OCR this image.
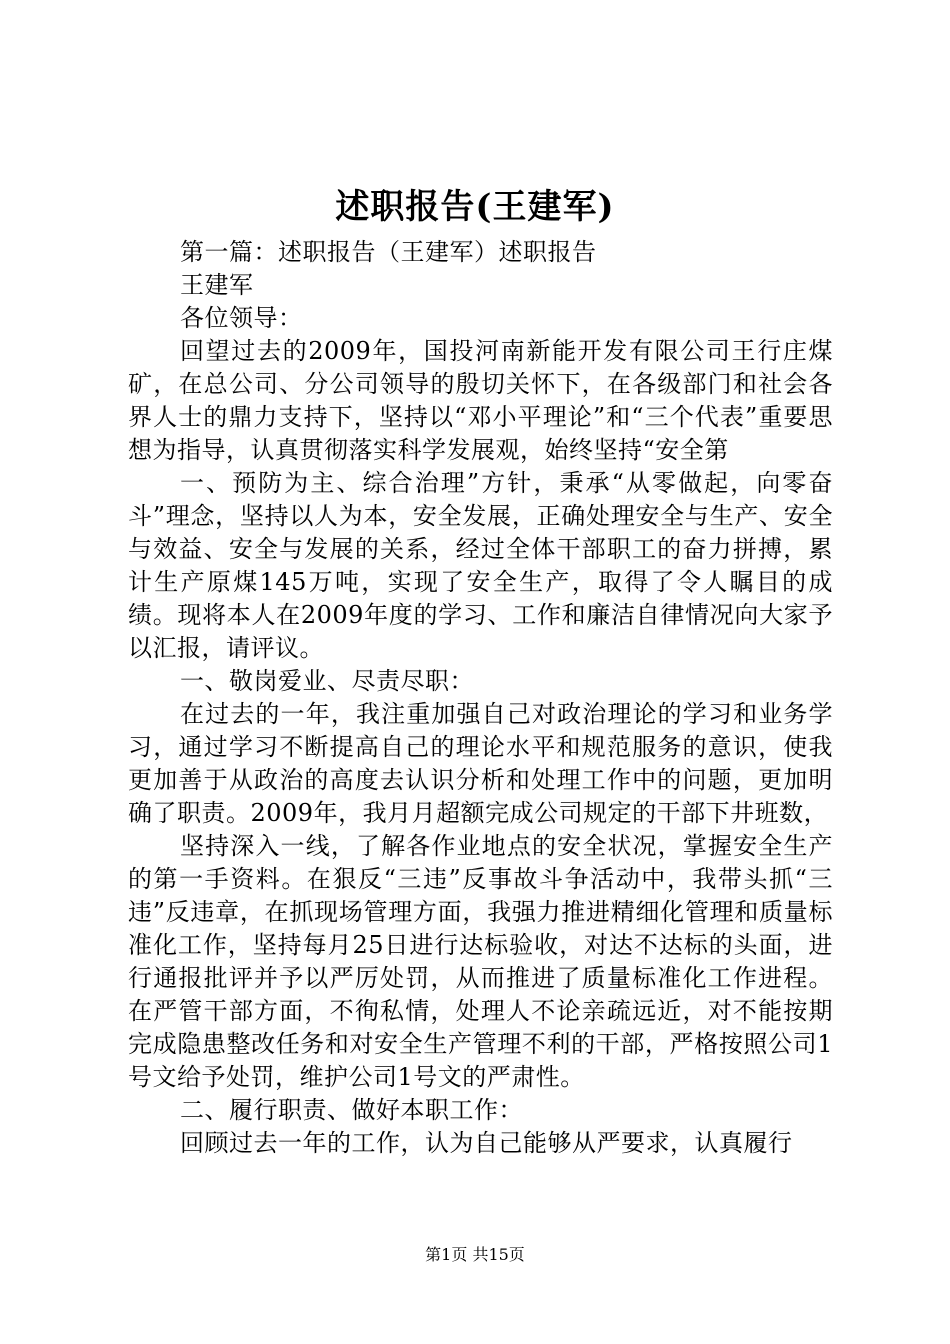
述职报告(王建军)

第一篇：述职报告（王建军）述职报告

王建军

各位领导：

回望过去的2009年，国投河南新能开发有限公司王行庄煤矿，在总公司、分公司领导的殷切关怀下，在各级部门和社会各界人士的鼎力支持下，坚持以“邓小平理论”和“三个代表”重要思想为指导，认真贯彻落实科学发展观，始终坚持“安全第

一、预防为主、综合治理”方针，秉承“从零做起，向零奋斗”理念，坚持以人为本，安全发展，正确处理安全与生产、安全与效益、安全与发展的关系，经过全体干部职工的奋力拼搏，累计生产原煤145万吨，实现了安全生产，取得了令人瞩目的成绩。现将本人在2009年度的学习、工作和廉洁自律情况向大家予以汇报，请评议。

一、敬岗爱业、尽责尽职：

在过去的一年，我注重加强自己对政治理论的学习和业务学习，通过学习不断提高自己的理论水平和规范服务的意识，使我更加善于从政治的高度去认识分析和处理工作中的问题，更加明确了职责。2009年，我月月超额完成公司规定的干部下井班数，

坚持深入一线，了解各作业地点的安全状况，掌握安全生产的第一手资料。在狠反“三违”反事故斗争活动中，我带头抓“三违”反违章，在抓现场管理方面，我强力推进精细化管理和质量标准化工作，坚持每月25日进行达标验收，对达不达标的头面，进行通报批评并予以严厉处罚，从而推进了质量标准化工作进程。在严管干部方面，不徇私情，处理人不论亲疏远近，对不能按期完成隐患整改任务和对安全生产管理不利的干部，严格按照公司1号文给予处罚，维护公司1号文的严肃性。

二、履行职责、做好本职工作：

回顾过去一年的工作，认为自己能够从严要求，认真履行

第1页 共15页
